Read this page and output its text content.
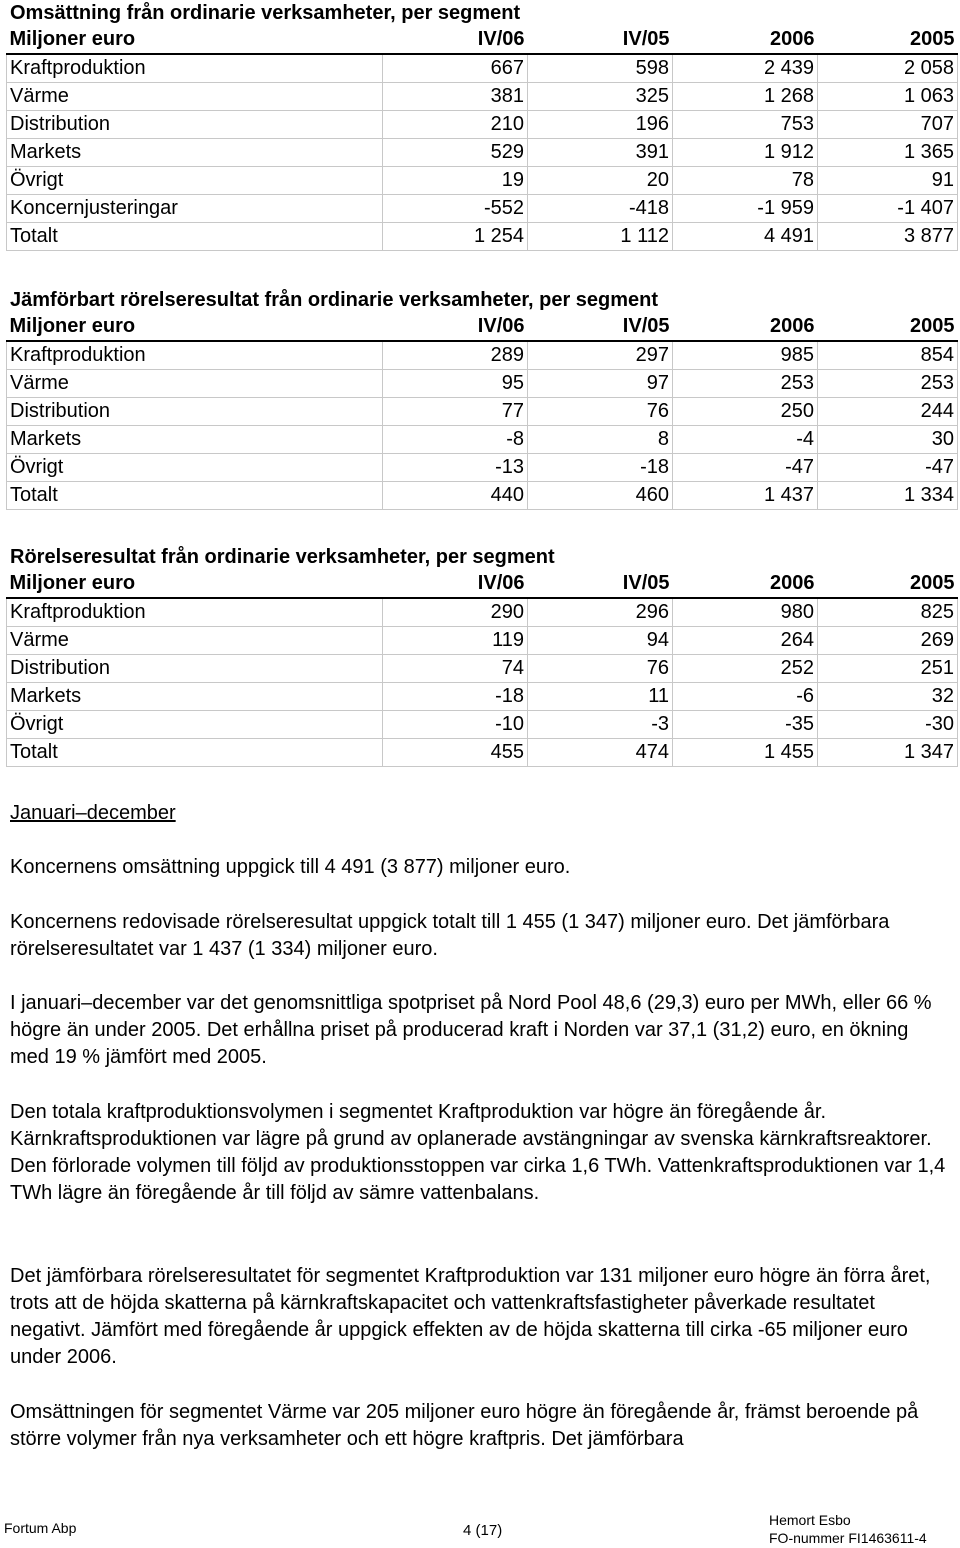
Omsättning från ordinarie verksamheter, per segment
Miljoner euro	IV/06	IV/05	2006	2005
Kraftproduktion	667	598	2 439	2 058
Värme	381	325	1 268	1 063
Distribution	210	196	753	707
Markets	529	391	1 912	1 365
Övrigt	19	20	78	91
Koncernjusteringar	-552	-418	-1 959	-1 407
Totalt	1 254	1 112	4 491	3 877
Jämförbart rörelseresultat från ordinarie verksamheter, per segment
Miljoner euro	IV/06	IV/05	2006	2005
Kraftproduktion	289	297	985	854
Värme	95	97	253	253
Distribution	77	76	250	244
Markets	-8	8	-4	30
Övrigt	-13	-18	-47	-47
Totalt	440	460	1 437	1 334
Rörelseresultat från ordinarie verksamheter, per segment
Miljoner euro	IV/06	IV/05	2006	2005
Kraftproduktion	290	296	980	825
Värme	119	94	264	269
Distribution	74	76	252	251
Markets	-18	11	-6	32
Övrigt	-10	-3	-35	-30
Totalt	455	474	1 455	1 347
Januari–december

Koncernens omsättning uppgick till 4 491 (3 877) miljoner euro.

Koncernens redovisade rörelseresultat uppgick totalt till 1 455 (1 347) miljoner euro. Det jämförbara rörelseresultatet var 1 437 (1 334) miljoner euro.

I januari–december var det genomsnittliga spotpriset på Nord Pool 48,6 (29,3) euro per MWh, eller 66 % högre än under 2005. Det erhållna priset på producerad kraft i Norden var 37,1 (31,2) euro, en ökning med 19 % jämfört med 2005.

Den totala kraftproduktionsvolymen i segmentet Kraftproduktion var högre än föregående år. Kärnkraftsproduktionen var lägre på grund av oplanerade avstängningar av svenska kärnkraftsreaktorer. Den förlorade volymen till följd av produktionsstoppen var cirka 1,6 TWh. Vattenkraftsproduktionen var 1,4 TWh lägre än föregående år till följd av sämre vattenbalans.

Det jämförbara rörelseresultatet för segmentet Kraftproduktion var 131 miljoner euro högre än förra året, trots att de höjda skatterna på kärnkraftskapacitet och vattenkraftsfastigheter påverkade resultatet negativt. Jämfört med föregående år uppgick effekten av de höjda skatterna till cirka -65 miljoner euro under 2006.

Omsättningen för segmentet Värme var 205 miljoner euro högre än föregående år, främst beroende på större volymer från nya verksamheter och ett högre kraftpris. Det jämförbara

Fortum Abp	4 (17)
Hemort Esbo
FO-nummer FI1463611-4
